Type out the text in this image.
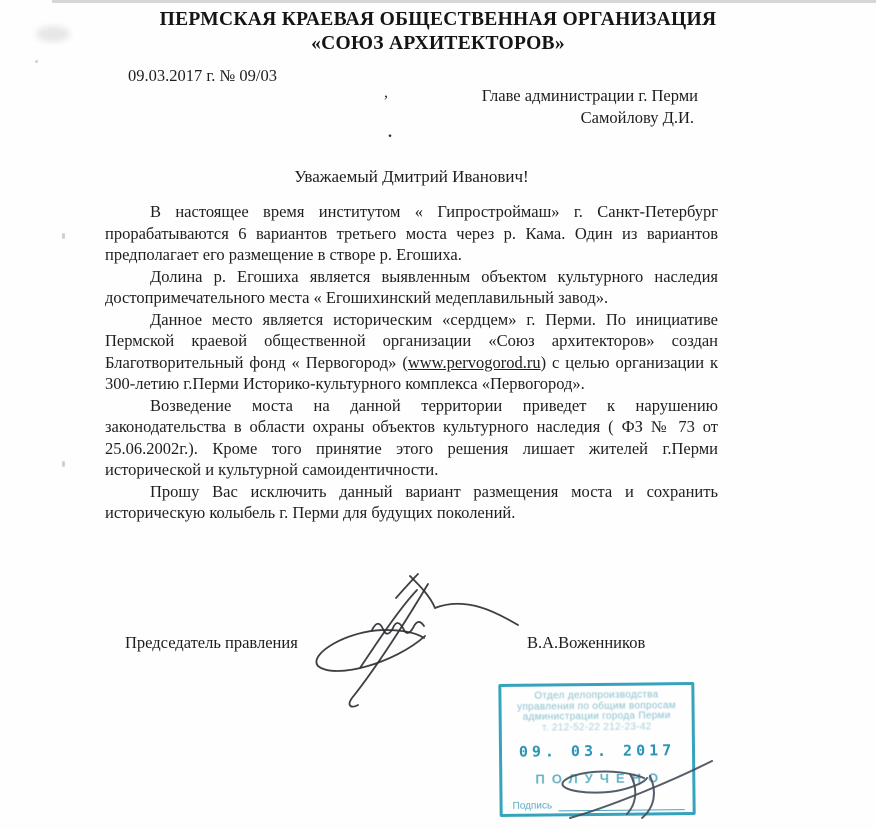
ПЕРМСКАЯ КРАЕВАЯ ОБЩЕСТВЕННАЯ ОРГАНИЗАЦИЯ
«СОЮЗ АРХИТЕКТОРОВ»
09.03.2017 г. № 09/03
Главе администрации г. Перми
Самойлову Д.И.
,
.
Уважаемый Дмитрий Иванович!

В настоящее время институтом « Гипростроймаш» г. Санкт-Петербург прорабатываются 6 вариантов третьего моста через р. Кама. Один из вариантов предполагает его размещение в створе р. Егошиха.

Долина р. Егошиха является выявленным объектом культурного наследия достопримечательного места « Егошихинский медеплавильный завод».

Данное место является историческим «сердцем» г. Перми. По инициативе Пермской краевой общественной организации «Союз архитекторов» создан Благотворительный фонд « Первогород» (www.pervogorod.ru) с целью организации к 300-летию г.Перми Историко-культурного комплекса «Первогород».

Возведение моста на данной территории приведет к нарушению законодательства в области охраны объектов культурного наследия ( ФЗ № 73 от 25.06.2002г.). Кроме того принятие этого решения лишает жителей г.Перми исторической и культурной самоидентичности.

Прошу Вас исключить данный вариант размещения моста и сохранить историческую колыбель г. Перми для будущих поколений.

Председатель правления	В.А.Воженников
Отдел делопроизводства
управления по общим вопросам
администрации города Перми
т. 212-52-22 212-23-42
09. 03. 2017
ПОЛУЧЕНО
Подпись
